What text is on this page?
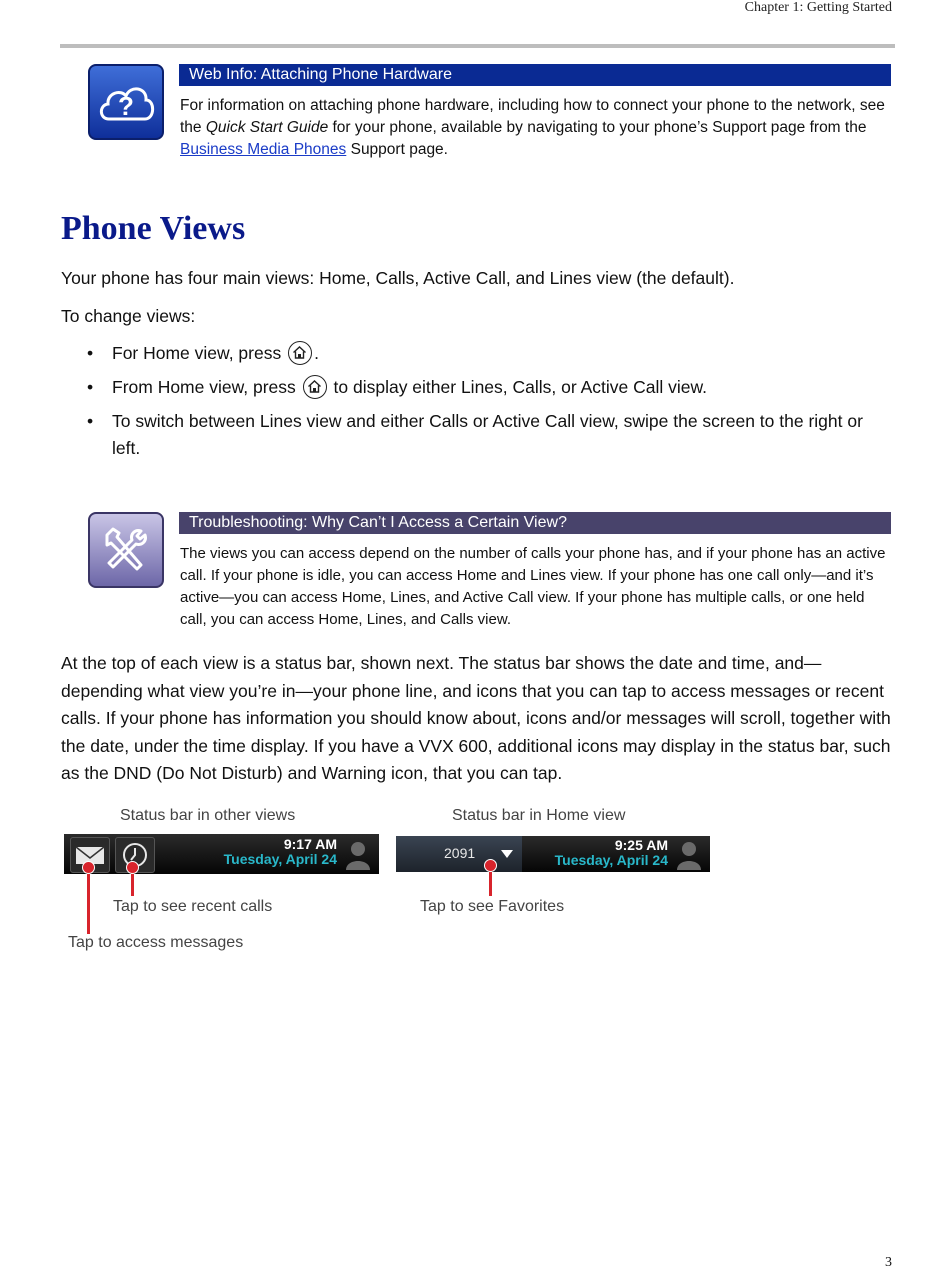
Chapter 1: Getting Started
?
Web Info: Attaching Phone Hardware
For information on attaching phone hardware, including how to connect your phone to the network, see the Quick Start Guide for your phone, available by navigating to your phone’s Support page from the Business Media Phones Support page.
Phone Views

Your phone has four main views: Home, Calls, Active Call, and Lines view (the default).

To change views:

• For Home view, press
.
• From Home view, press
to display either Lines, Calls, or Active Call view.
• To switch between Lines view and either Calls or Active Call view, swipe the screen to the right or left.
Troubleshooting: Why Can’t I Access a Certain View?
The views you can access depend on the number of calls your phone has, and if your phone has an active call. If your phone is idle, you can access Home and Lines view. If your phone has one call only—and it’s active—you can access Home, Lines, and Active Call view. If your phone has multiple calls, or one held call, you can access Home, Lines, and Calls view.

At the top of each view is a status bar, shown next. The status bar shows the date and time, and—depending what view you’re in—your phone line, and icons that you can tap to access messages or recent calls. If your phone has information you should know about, icons and/or messages will scroll, together with the date, under the time display. If you have a VVX 600, additional icons may display in the status bar, such as the DND (Do Not Disturb) and Warning icon, that you can tap.

Status bar in other views
9:17 AM
Tuesday, April 24
Tap to see recent calls
Tap to access messages
Status bar in Home view
2091	9:25 AM
Tuesday, April 24
Tap to see Favorites
3
